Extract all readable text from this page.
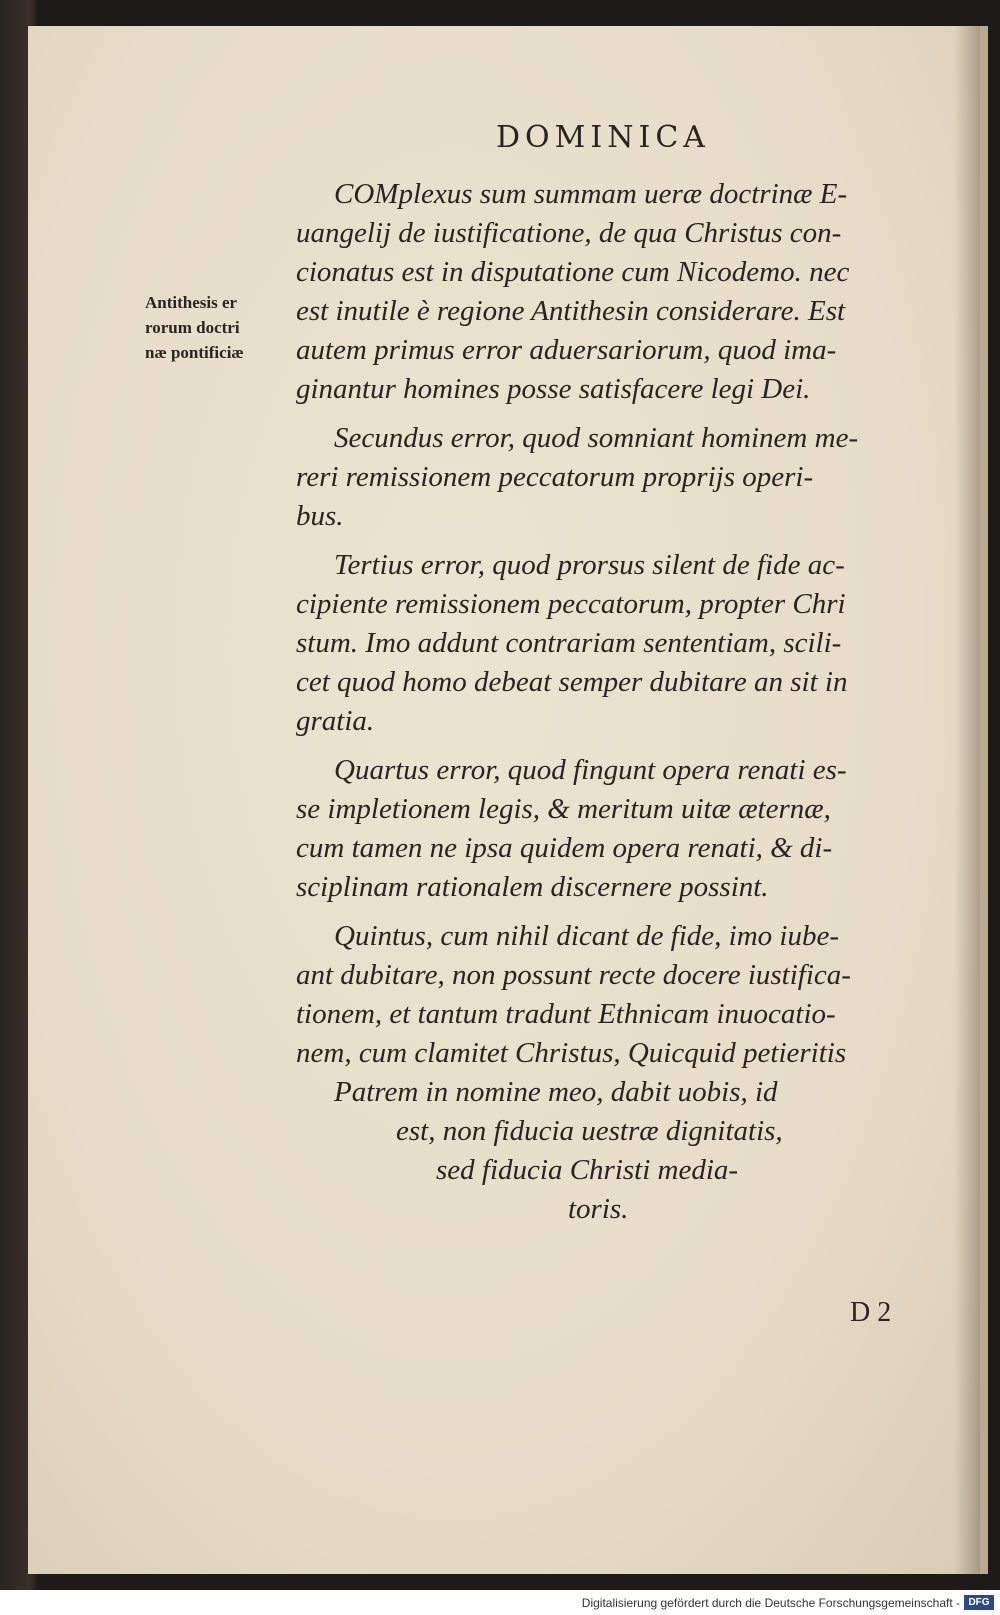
DOMINICA
Antithesis er
rorum doctri
næ pontificiæ
COMplexus sum summam ueræ doctrinæ E-
uangelij de iustificatione, de qua Christus con-
cionatus est in disputatione cum Nicodemo. nec
est inutile è regione Antithesin considerare. Est
autem primus error aduersariorum, quod ima-
ginantur homines posse satisfacere legi Dei.
Secundus error, quod somniant hominem me-
reri remissionem peccatorum proprijs operi-
bus.
Tertius error, quod prorsus silent de fide ac-
cipiente remissionem peccatorum, propter Chri
stum. Imo addunt contrariam sententiam, scili-
cet quod homo debeat semper dubitare an sit in
gratia.
Quartus error, quod fingunt opera renati es-
se impletionem legis, & meritum uitæ æternæ,
cum tamen ne ipsa quidem opera renati, & di-
sciplinam rationalem discernere possint.
Quintus, cum nihil dicant de fide, imo iube-
ant dubitare, non possunt recte docere iustifica-
tionem, et tantum tradunt Ethnicam inuocatio-
nem, cum clamitet Christus, Quicquid petieritis
Patrem in nomine meo, dabit uobis, id
est, non fiducia uestræ dignitatis,
sed fiducia Christi media-
toris.
D 2
Digitalisierung gefördert durch die Deutsche Forschungsgemeinschaft - DFG
